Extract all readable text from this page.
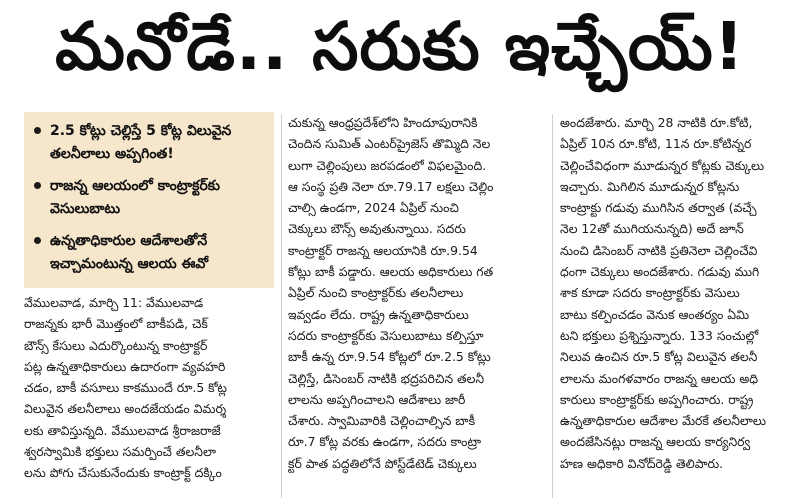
మనోడే.. సరుకు ఇచ్చేయ్!
2.5 కోట్లు చెల్లిస్తే 5 కోట్ల విలువైన తలనీలాలు అప్పగింత!
రాజన్న ఆలయంలో కాంట్రాక్టర్‌కు వెసులుబాటు
ఉన్నతాధికారుల ఆదేశాలతోనే ఇచ్చామంటున్న ఆలయ ఈవో
వేములవాడ, మార్చి 11: వేములవాడ
రాజన్నకు భారీ మొత్తంలో బాకీపడి, చెక్
బౌన్స్ కేసులు ఎదుర్కొంటున్న కాంట్రాక్టర్
పట్ల ఉన్నతాధికారులు ఉదారంగా వ్యవహరి
చడం, బాకీ వసూలు కాకముందే రూ.5 కోట్ల
విలువైన తలనీలాలు అందజేయడం విమర్శ
లకు తావిస్తున్నది. వేములవాడ శ్రీరాజరాజే
శ్వరస్వామికి భక్తులు సమర్పించే తలనీలా
లను పోగు చేసుకునేందుకు కాంట్రాక్ట్ దక్కిం
చుకున్న ఆంధ్రప్రదేశ్‌లోని హిందూపురానికి
చెందిన సుమిత్ ఎంటర్‌ప్రైజెస్ తొమ్మిది నెల
లుగా చెల్లింపులు జరపడంలో విఫలమైంది.
ఆ సంస్థ ప్రతి నెలా రూ.79.17 లక్షలు చెల్లిం
చాల్సి ఉండగా, 2024 ఏప్రిల్ నుంచి
చెక్కులు బౌన్స్ అవుతున్నాయి. సదరు
కాంట్రాక్టర్ రాజన్న ఆలయానికి రూ.9.54
కోట్లు బాకీ పడ్డారు. ఆలయ అధికారులు గత
ఏప్రిల్ నుంచి కాంట్రాక్టర్‌కు తలనీలాలు
ఇవ్వడం లేదు. రాష్ట్ర ఉన్నతాధికారులు
సదరు కాంట్రాక్టర్‌కు వెసులుబాటు కల్పిస్తూ
బాకీ ఉన్న రూ.9.54 కోట్లలో రూ.2.5 కోట్లు
చెల్లిస్తే, డిసెంబర్ నాటికి భద్రపరిచిన తలనీ
లాలను అప్పగించాలని ఆదేశాలు జారీ
చేశారు. స్వామివారికి చెల్లించాల్సిన బాకీ
రూ.7 కోట్ల వరకు ఉండగా, సదరు కాంట్రా
క్టర్ పాత పద్ధతిలోనే పోస్ట్‌డేటెడ్ చెక్కులు
అందజేశారు. మార్చి 28 నాటికి రూ.కోటి,
ఏప్రిల్ 10న రూ.కోటి, 11న రూ.కోటిన్నర
చెల్లించేవిధంగా మూడున్నర కోట్లకు చెక్కులు
ఇచ్చారు. మిగిలిన మూడున్నర కోట్లను
కాంట్రాక్టు గడువు ముగిసిన తర్వాత (వచ్చే
నెల 12తో ముగియనున్నది) అదే జూన్
నుంచి డిసెంబర్ నాటికి ప్రతినెలా చెల్లించేవి
ధంగా చెక్కులు అందజేశారు. గడువు ముగి
శాక కూడా సదరు కాంట్రాక్టర్‌కు వెసులు
బాటు కల్పించడం వెనుక ఆంతర్యం ఏమి
టని భక్తులు ప్రశ్నిస్తున్నారు. 133 సంచుల్లో
నిలువ ఉంచిన రూ.5 కోట్ల విలువైన తలనీ
లాలను మంగళవారం రాజన్న ఆలయ అధి
కారులు కాంట్రాక్టర్‌కు అప్పగించారు. రాష్ట్ర
ఉన్నతాధికారుల ఆదేశాల మేరకే తలనీలాలు
అందజేసినట్లు రాజన్న ఆలయ కార్యనిర్వ
హణ అధికారి వినోద్‌రెడ్డి తెలిపారు.
